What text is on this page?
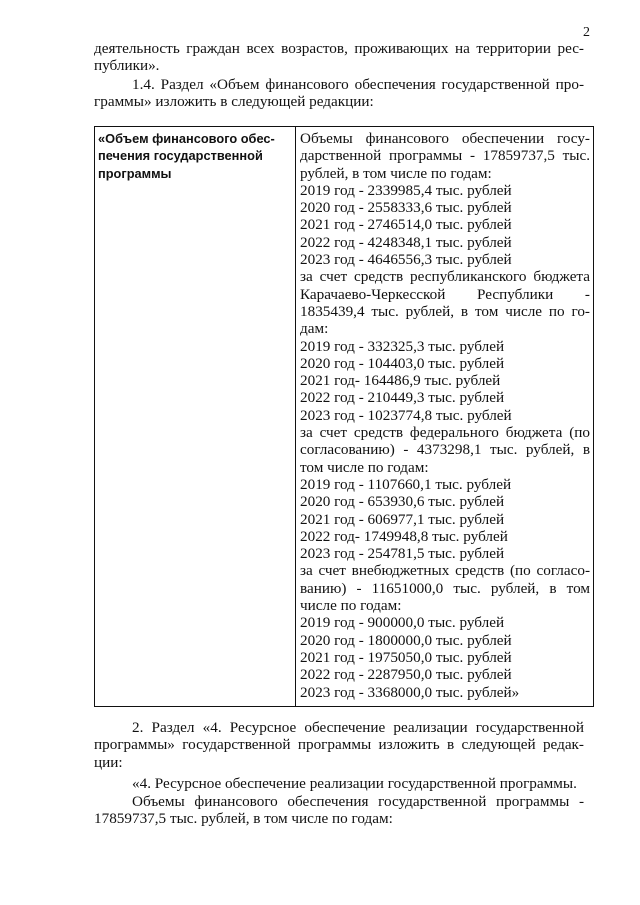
2
деятельность граждан всех возрастов, проживающих на территории рес-
публики».
1.4. Раздел «Объем финансового обеспечения государственной про-
граммы» изложить в следующей редакции:
«Объем финансового обес-
печения государственной
программы
Объемы финансового обеспечении госу-
дарственной программы - 17859737,5 тыс.
рублей, в том числе по годам:
2019 год - 2339985,4 тыс. рублей
2020 год - 2558333,6 тыс. рублей
2021 год - 2746514,0 тыс. рублей
2022 год - 4248348,1 тыс. рублей
2023 год - 4646556,3 тыс. рублей
за счет средств республиканского бюджета
Карачаево-Черкесской Республики -
1835439,4 тыс. рублей, в том числе по го-
дам:
2019 год - 332325,3 тыс. рублей
2020 год - 104403,0 тыс. рублей
2021 год- 164486,9 тыс. рублей
2022 год - 210449,3 тыс. рублей
2023 год - 1023774,8 тыс. рублей
за счет средств федерального бюджета (по
согласованию) - 4373298,1 тыс. рублей, в
том числе по годам:
2019 год - 1107660,1 тыс. рублей
2020 год - 653930,6 тыс. рублей
2021 год - 606977,1 тыс. рублей
2022 год- 1749948,8 тыс. рублей
2023 год - 254781,5 тыс. рублей
за счет внебюджетных средств (по согласо-
ванию) - 11651000,0 тыс. рублей, в том
числе по годам:
2019 год - 900000,0 тыс. рублей
2020 год - 1800000,0 тыс. рублей
2021 год - 1975050,0 тыс. рублей
2022 год - 2287950,0 тыс. рублей
2023 год - 3368000,0 тыс. рублей»
2. Раздел «4. Ресурсное обеспечение реализации государственной
программы» государственной программы изложить в следующей редак-
ции:
«4. Ресурсное обеспечение реализации государственной программы.
Объемы финансового обеспечения государственной программы -
17859737,5 тыс. рублей, в том числе по годам:
